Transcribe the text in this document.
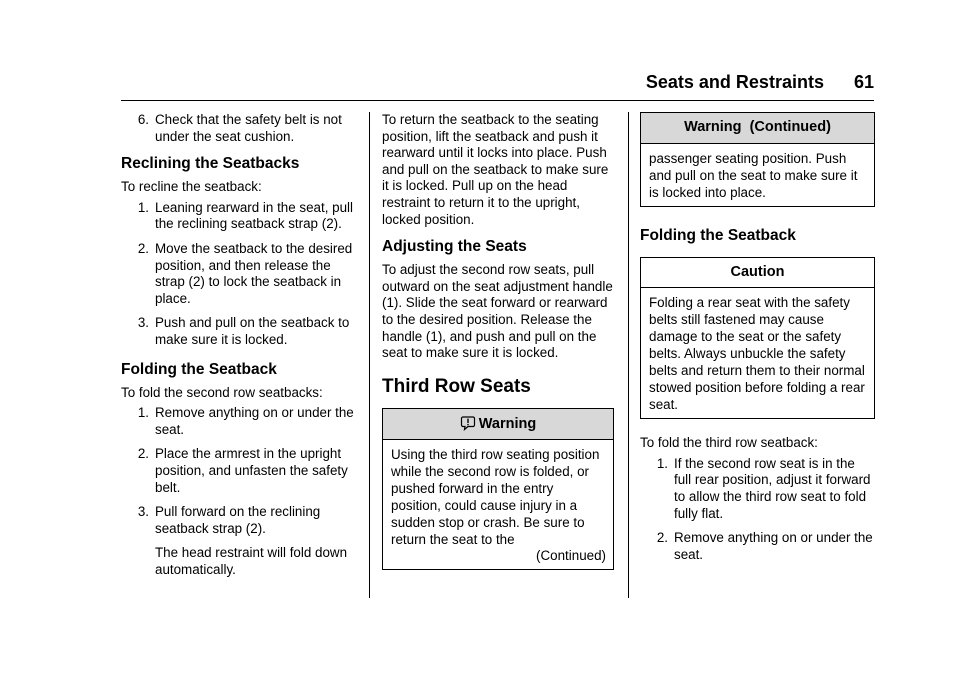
Seats and Restraints 61
6. Check that the safety belt is not under the seat cushion.
Reclining the Seatbacks

To recline the seatback:

1. Leaning rearward in the seat, pull the reclining seatback strap (2).
2. Move the seatback to the desired position, and then release the strap (2) to lock the seatback in place.
3. Push and pull on the seatback to make sure it is locked.
Folding the Seatback

To fold the second row seatbacks:

1. Remove anything on or under the seat.
2. Place the armrest in the upright position, and unfasten the safety belt.
3. Pull forward on the reclining seatback strap (2).
The head restraint will fold down automatically.

To return the seatback to the seating position, lift the seatback and push it rearward until it locks into place. Push and pull on the seatback to make sure it is locked. Pull up on the head restraint to return it to the upright, locked position.

Adjusting the Seats

To adjust the second row seats, pull outward on the seat adjustment handle (1). Slide the seat forward or rearward to the desired position. Release the handle (1), and push and pull on the seat to make sure it is locked.

Third Row Seats
Warning

Using the third row seating position while the second row is folded, or pushed forward in the entry position, could cause injury in a sudden stop or crash. Be sure to return the seat to the

(Continued)

Warning  (Continued)

passenger seating position. Push and pull on the seat to make sure it is locked into place.

Folding the Seatback
Caution

Folding a rear seat with the safety belts still fastened may cause damage to the seat or the safety belts. Always unbuckle the safety belts and return them to their normal stowed position before folding a rear seat.

To fold the third row seatback:

1. If the second row seat is in the full rear position, adjust it forward to allow the third row seat to fold fully flat.
2. Remove anything on or under the seat.
